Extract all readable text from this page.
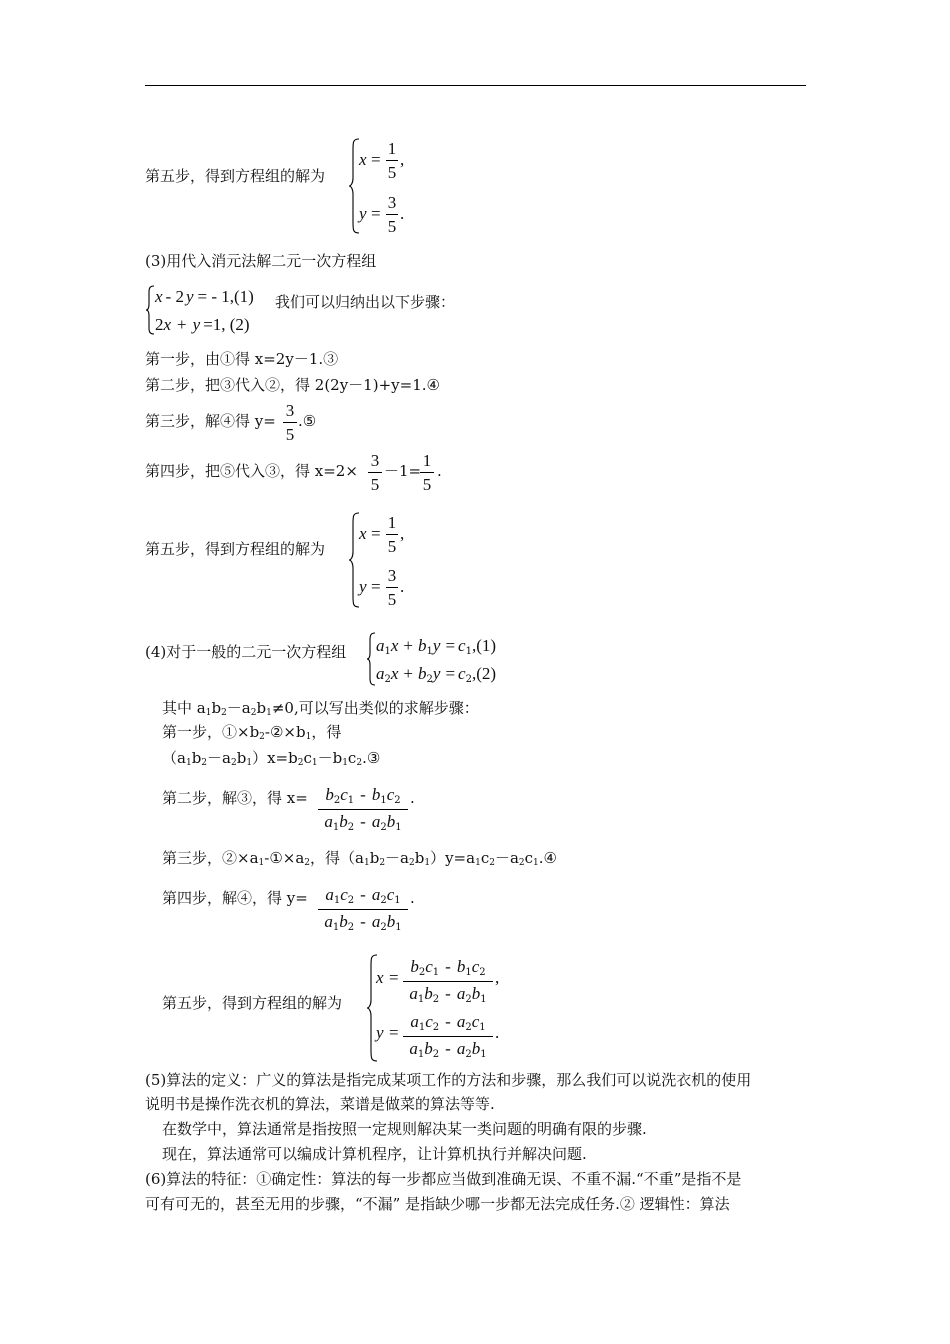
第五步，得到方程组的解为
x =
1
5
,
y =
3
5
.
(3)用代入消元法解二元一次方程组
x - 2 y = - 1,(1)
2x + y =1, (2)
我们可以归纳出以下步骤：
第一步，由①得 x=2y－1.③
第二步，把③代入②，得 2(2y－1)+y=1.④
第三步，解④得 y=
3
5
.⑤
第四步，把⑤代入③，得 x=2×
3
5
－1=
1
5
.
第五步，得到方程组的解为
x =
1
5
,
y =
3
5
.
(4)对于一般的二元一次方程组 $a_1x + b_1y = c_1,(1)$
$a_2x + b_2y = c_2,(2)$
其中 a1b2－a2b1≠0,可以写出类似的求解步骤：
第一步，①×b2-②×b1，得
（a1b2－a2b1）x=b2c1－b1c2.③
第二步，解③，得 x=	$b_2c_1 - b_1c_2$
$a_1b_2 - a_2b_1$
.
第三步，②×a1-①×a2，得（a1b2－a2b1）y=a1c2－a2c1.④
第四步，解④，得 y=	$a_1c_2 - a_2c_1$
$a_1b_2 - a_2b_1$
.
第五步，得到方程组的解为
x =
$b_2c_1 - b_1c_2$
$a_1b_2 - a_2b_1$
,
y =
$a_1c_2 - a_2c_1$
$a_1b_2 - a_2b_1$
.
(5)算法的定义：广义的算法是指完成某项工作的方法和步骤，那么我们可以说洗衣机的使用
说明书是操作洗衣机的算法，菜谱是做菜的算法等等.
在数学中，算法通常是指按照一定规则解决某一类问题的明确有限的步骤.
现在，算法通常可以编成计算机程序，让计算机执行并解决问题.
(6)算法的特征：①确定性：算法的每一步都应当做到准确无误、不重不漏.“不重”是指不是
可有可无的，甚至无用的步骤，“不漏” 是指缺少哪一步都无法完成任务.② 逻辑性：算法
